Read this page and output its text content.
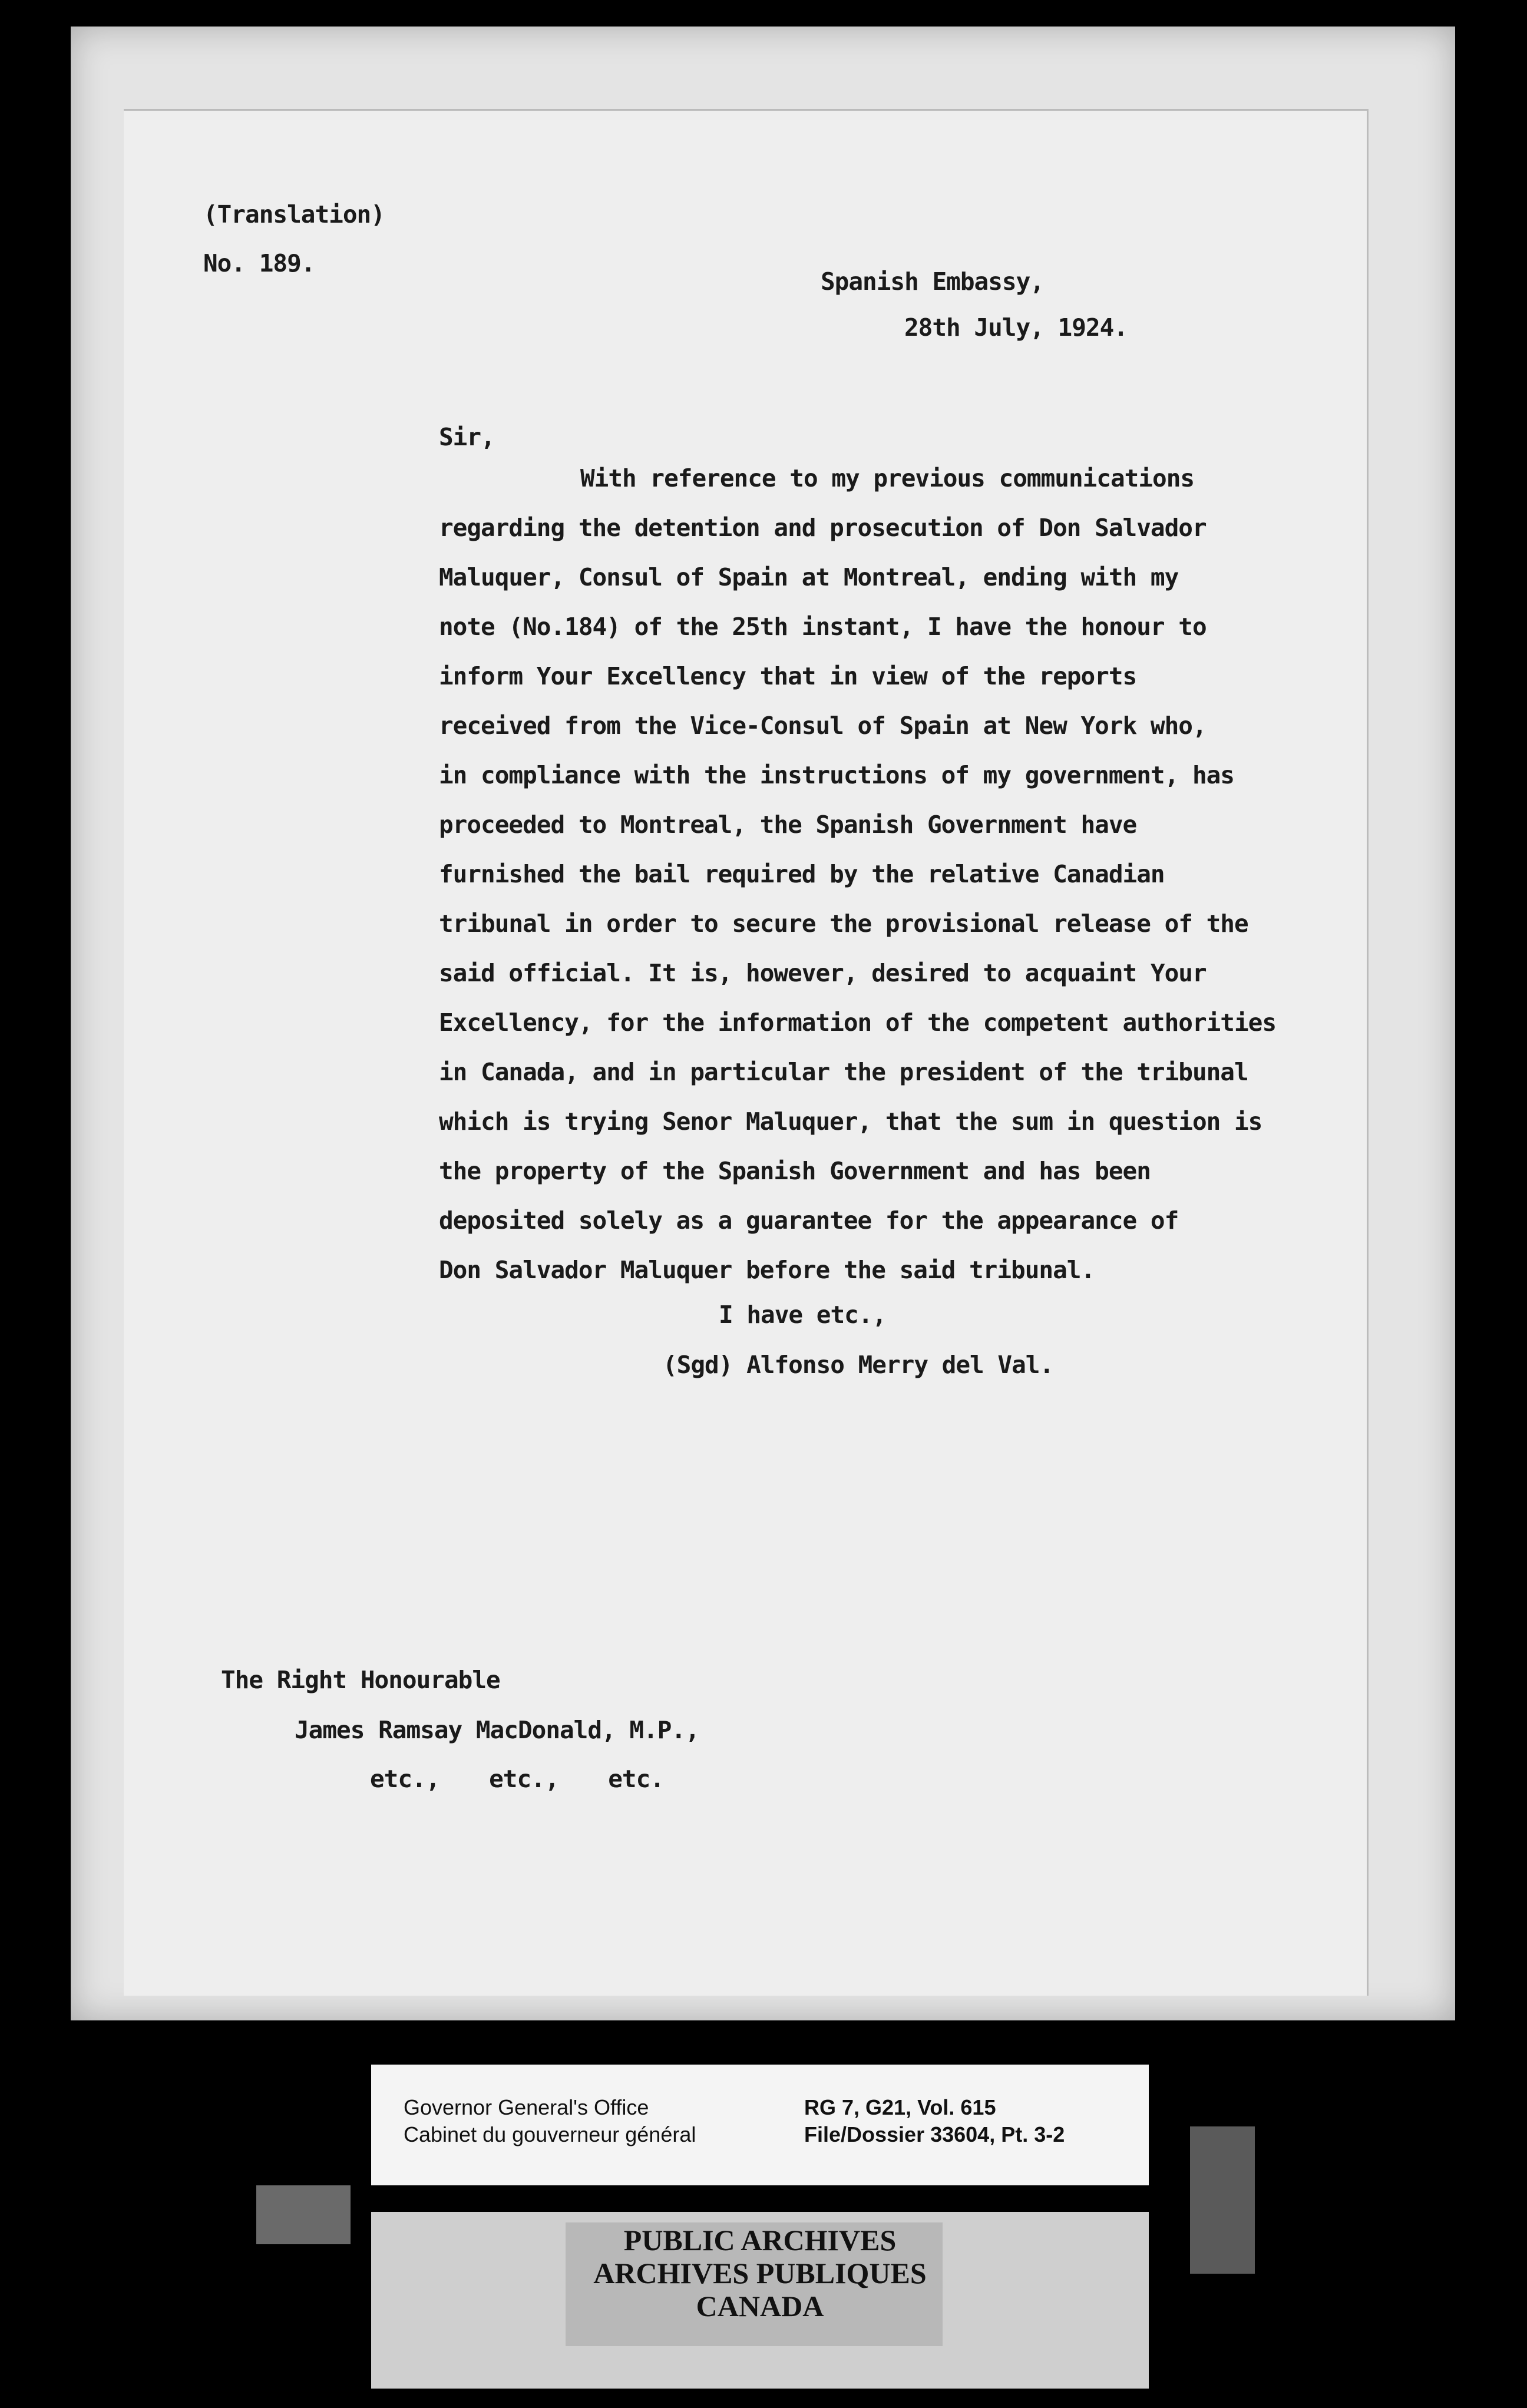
(Translation)
No. 189.
Spanish Embassy,
28th July, 1924.
Sir,
With reference to my previous communications
regarding the detention and prosecution of Don Salvador
Maluquer, Consul of Spain at Montreal, ending with my
note (No.184) of the 25th instant, I have the honour to
inform Your Excellency that in view of the reports
received from the Vice-Consul of Spain at New York who,
in compliance with the instructions of my government, has
proceeded to Montreal, the Spanish Government have
furnished the bail required by the relative Canadian
tribunal in order to secure the provisional release of the
said official. It is, however, desired to acquaint Your
Excellency, for the information of the competent authorities
in Canada, and in particular the president of the tribunal
which is trying Senor Maluquer, that the sum in question is
the property of the Spanish Government and has been
deposited solely as a guarantee for the appearance of
Don Salvador Maluquer before the said tribunal.
I have etc.,
(Sgd) Alfonso Merry del Val.
The Right Honourable
James Ramsay MacDonald, M.P.,
etc., etc., etc.
Governor General's Office
Cabinet du gouverneur général
RG 7, G21, Vol. 615
File/Dossier 33604, Pt. 3-2
PUBLIC ARCHIVES
ARCHIVES PUBLIQUES
CANADA
